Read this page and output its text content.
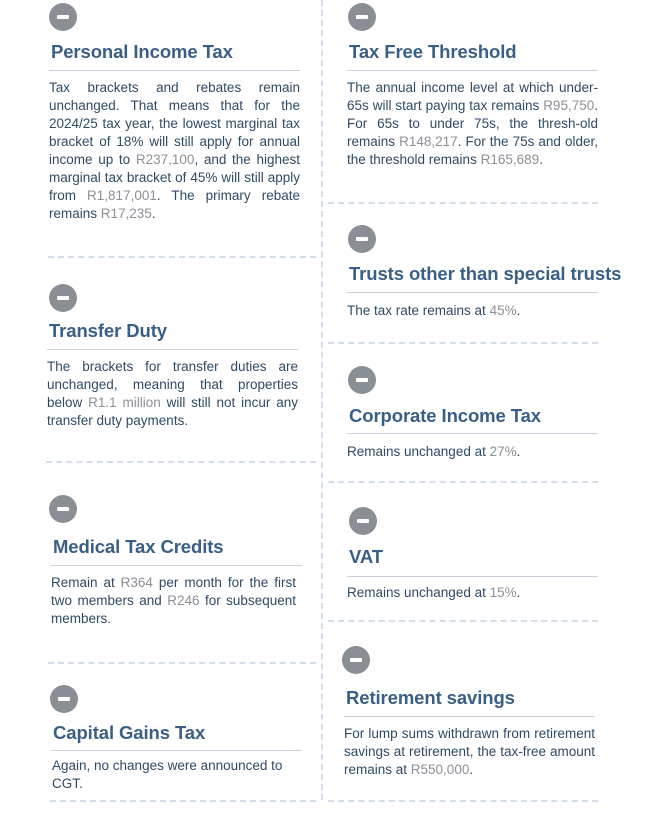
Personal Income Tax
Tax brackets and rebates remain unchanged. That means that for the 2024/25 tax year, the lowest marginal tax bracket of 18% will still apply for annual income up to R237,100, and the highest marginal tax bracket of 45% will still apply from R1,817,001. The primary rebate remains R17,235.
Tax Free Threshold
The annual income level at which under-65s will start paying tax remains R95,750. For 65s to under 75s, the thresh-old remains R148,217. For the 75s and older, the threshold remains R165,689.
Transfer Duty
The brackets for transfer duties are unchanged, meaning that properties below R1.1 million will still not incur any transfer duty payments.
Trusts other than special trusts
The tax rate remains at 45%.
Corporate Income Tax
Remains unchanged at 27%.
Medical Tax Credits
Remain at R364 per month for the first two members and R246 for subsequent members.
VAT
Remains unchanged at 15%.
Capital Gains Tax
Again, no changes were announced to CGT.
Retirement savings
For lump sums withdrawn from retirement savings at retirement, the tax-free amount remains at R550,000.
